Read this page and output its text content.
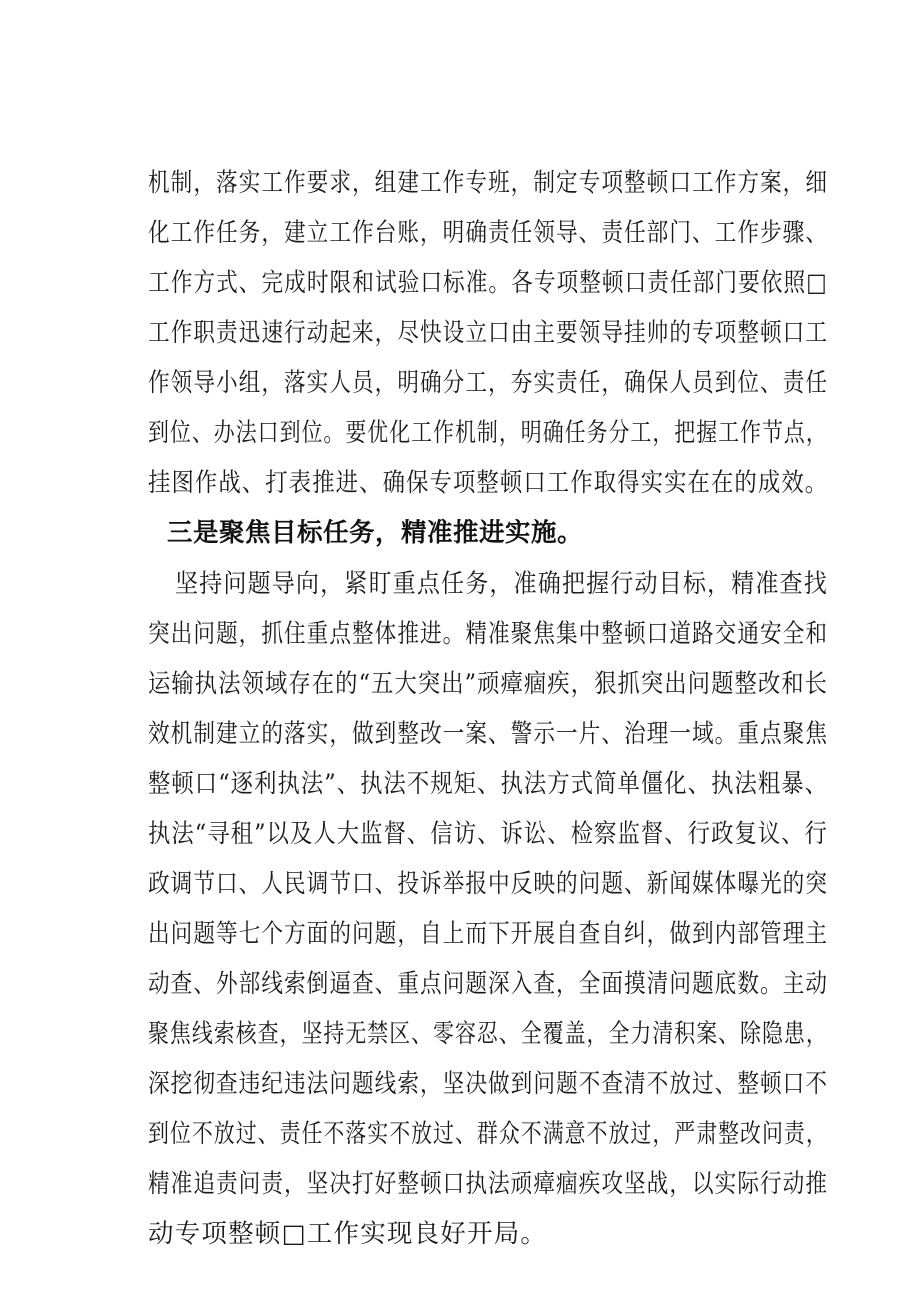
机制，落实工作要求，组建工作专班，制定专项整顿口工作方案，细
化工作任务，建立工作台账，明确责任领导、责任部门、工作步骤、
工作方式、完成时限和试验口标准。各专项整顿口责任部门要依照□
工作职责迅速行动起来，尽快设立口由主要领导挂帅的专项整顿口工
作领导小组，落实人员，明确分工，夯实责任，确保人员到位、责任
到位、办法口到位。要优化工作机制，明确任务分工，把握工作节点，
挂图作战、打表推进、确保专项整顿口工作取得实实在在的成效。
三是聚焦目标任务，精准推进实施。
坚持问题导向，紧盯重点任务，准确把握行动目标，精准查找
突出问题，抓住重点整体推进。精准聚焦集中整顿口道路交通安全和
运输执法领域存在的“五大突出”顽瘴痼疾，狠抓突出问题整改和长
效机制建立的落实，做到整改一案、警示一片、治理一域。重点聚焦
整顿口“逐利执法”、执法不规矩、执法方式简单僵化、执法粗暴、
执法“寻租”以及人大监督、信访、诉讼、检察监督、行政复议、行
政调节口、人民调节口、投诉举报中反映的问题、新闻媒体曝光的突
出问题等七个方面的问题，自上而下开展自查自纠，做到内部管理主
动查、外部线索倒逼查、重点问题深入查，全面摸清问题底数。主动
聚焦线索核查，坚持无禁区、零容忍、全覆盖，全力清积案、除隐患，
深挖彻查违纪违法问题线索，坚决做到问题不查清不放过、整顿口不
到位不放过、责任不落实不放过、群众不满意不放过，严肃整改问责，
精准追责问责，坚决打好整顿口执法顽瘴痼疾攻坚战，以实际行动推
动专项整顿□工作实现良好开局。
